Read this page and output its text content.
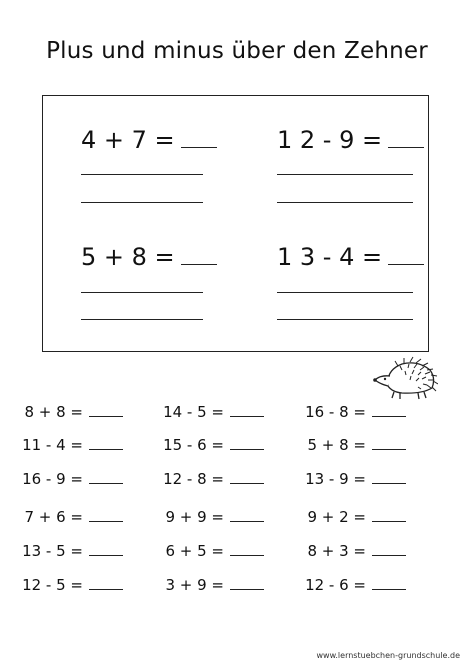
Plus und minus über den Zehner
4 + 7 =	1 2 - 9 =
5 + 8 =	1 3 - 4 =
8 + 8 =
11 - 4 =
16 - 9 =
7 + 6 =
13 - 5 =
12 - 5 =
14 - 5 =
15 - 6 =
12 - 8 =
9 + 9 =
6 + 5 =
3 + 9 =
16 - 8 =
5 + 8 =
13 - 9 =
9 + 2 =
8 + 3 =
12 - 6 =
www.lernstuebchen-grundschule.de
